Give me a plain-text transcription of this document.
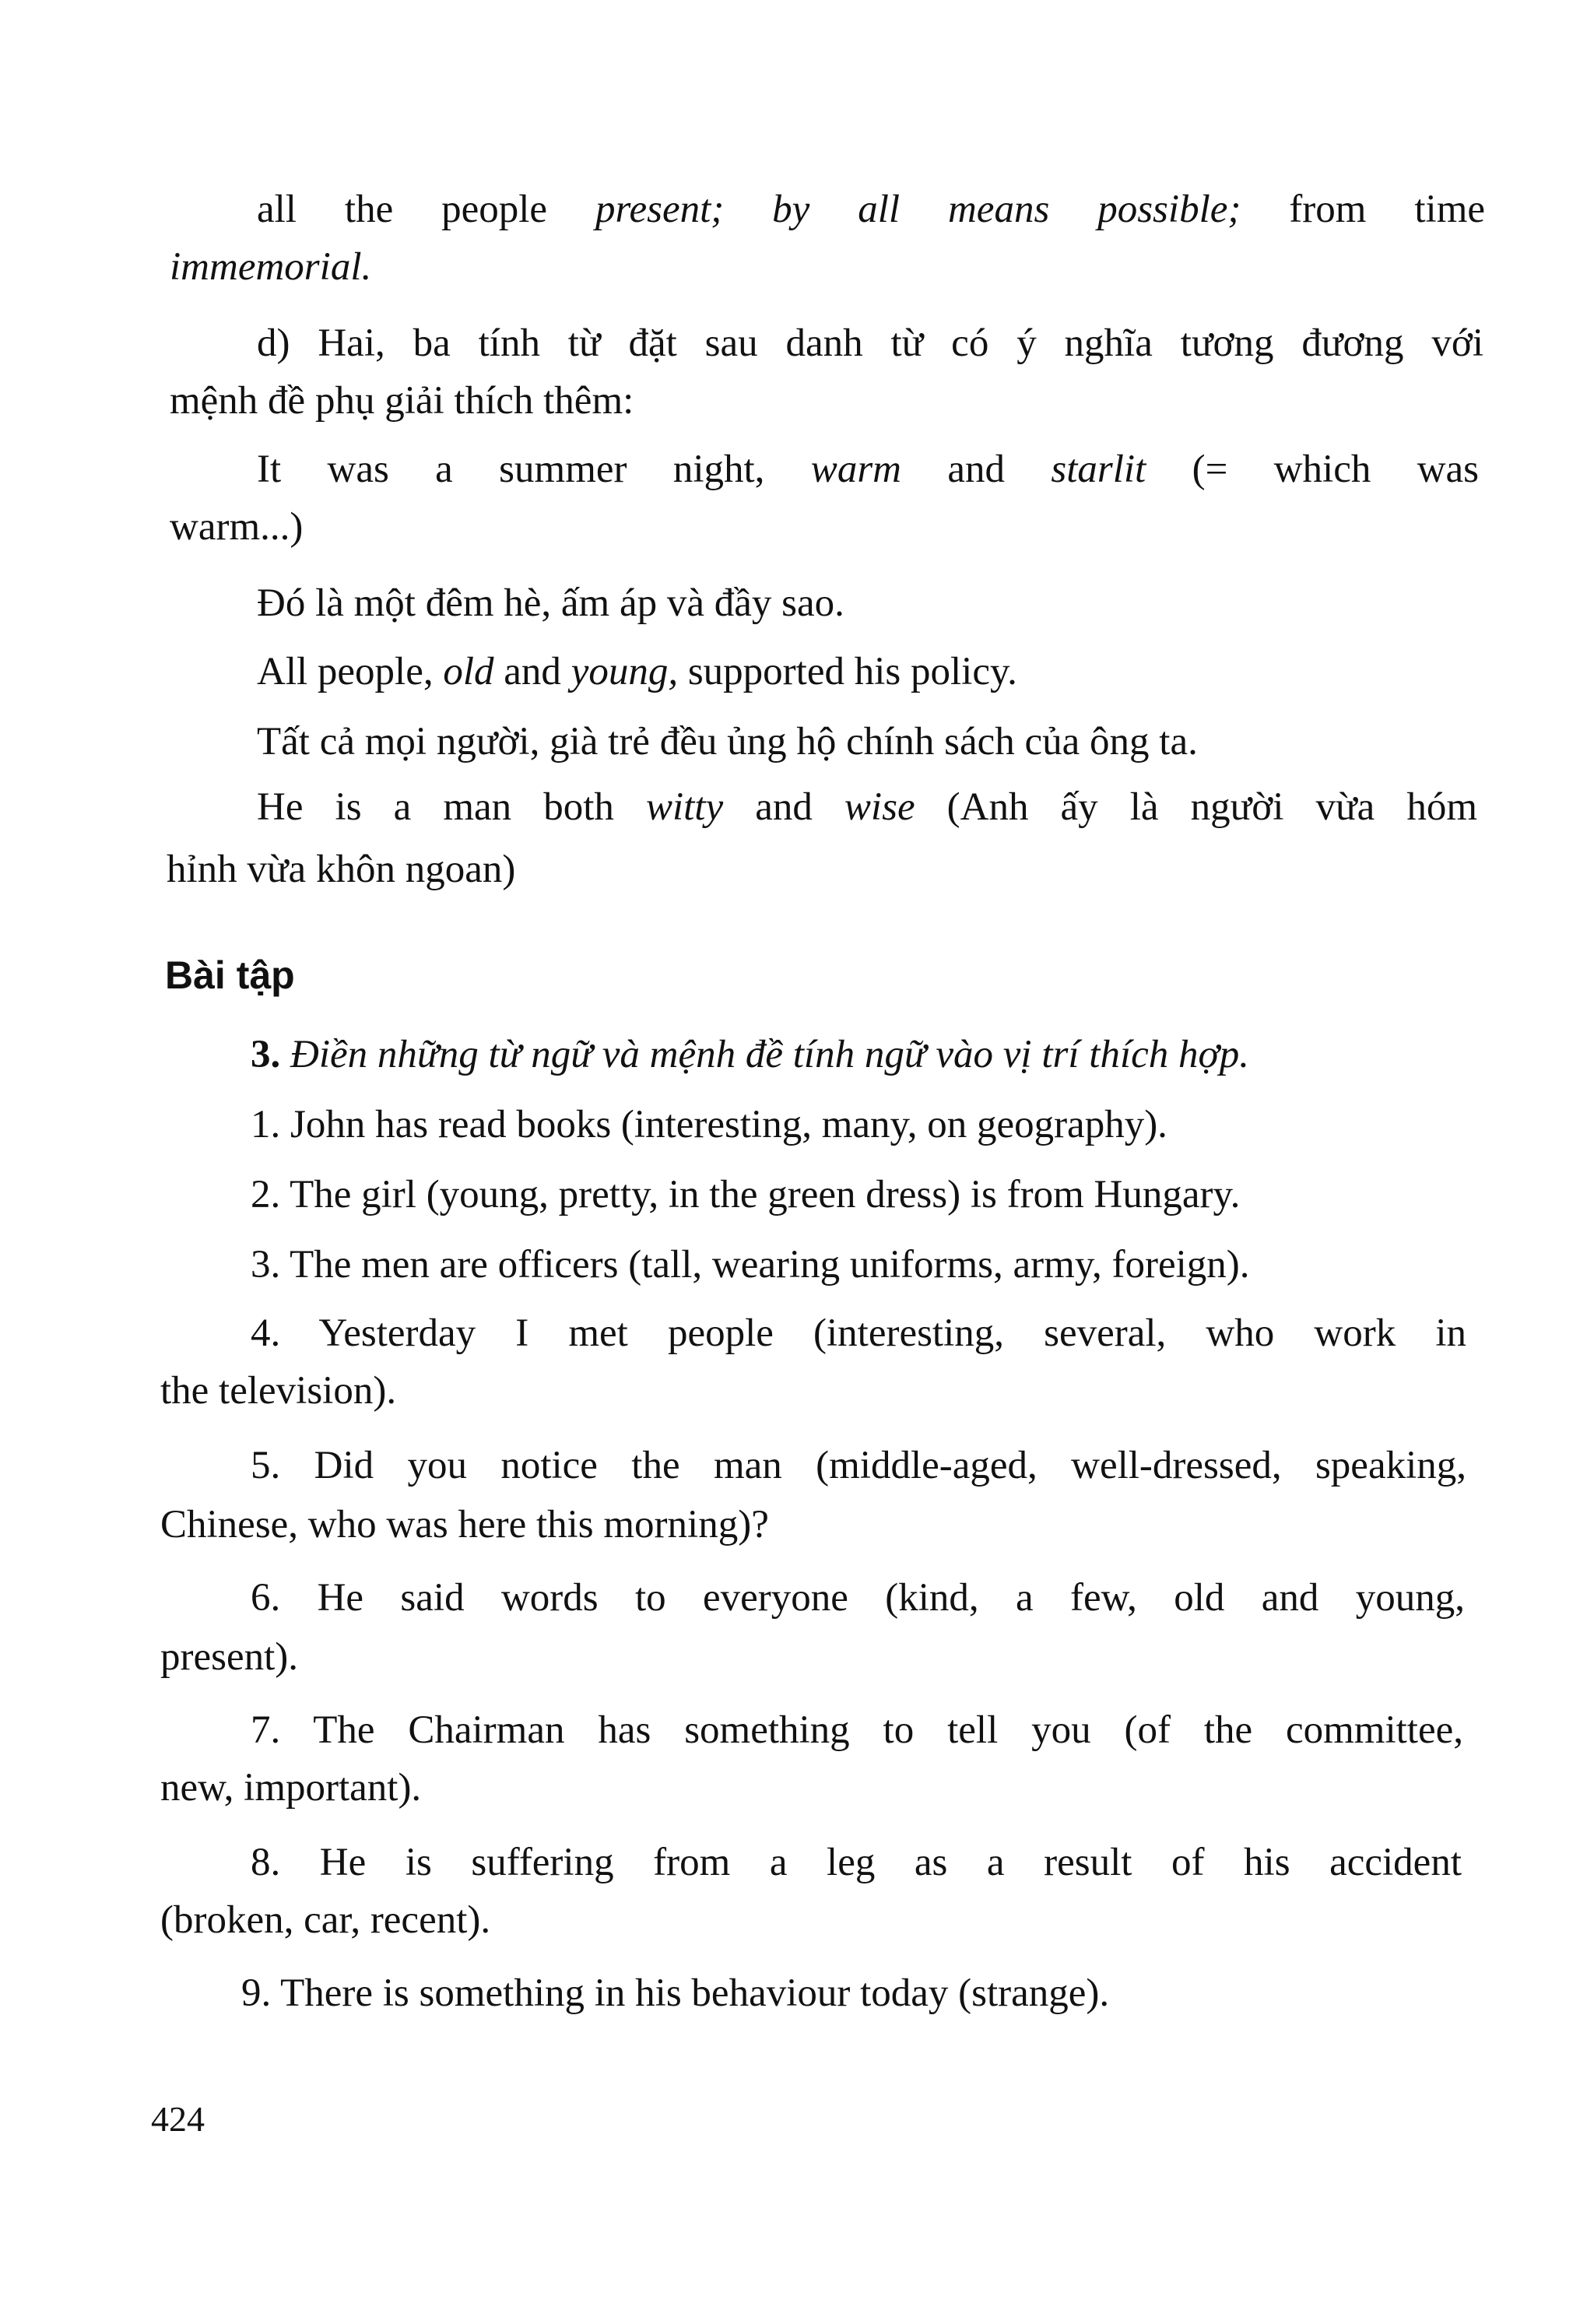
all the people present; by all means possible; from time
immemorial.
d) Hai, ba tính từ đặt sau danh từ có ý nghĩa tương đương với
mệnh đề phụ giải thích thêm:
It was a summer night, warm and starlit (= which was
warm...)
Đó là một đêm hè, ấm áp và đầy sao.
All people, old and young, supported his policy.
Tất cả mọi người, già trẻ đều ủng hộ chính sách của ông ta.
He is a man both witty and wise (Anh ấy là người vừa hóm
hỉnh vừa khôn ngoan)
Bài tập
3. Điền những từ ngữ và mệnh đề tính ngữ vào vị trí thích hợp.
1. John has read books (interesting, many, on geography).
2. The girl (young, pretty, in the green dress) is from Hungary.
3. The men are officers (tall, wearing uniforms, army, foreign).
4. Yesterday I met people (interesting, several, who work in
the television).
5. Did you notice the man (middle-aged, well-dressed, speaking,
Chinese, who was here this morning)?
6. He said words to everyone (kind, a few, old and young,
present).
7. The Chairman has something to tell you (of the committee,
new, important).
8. He is suffering from a leg as a result of his accident
(broken, car, recent).
9. There is something in his behaviour today (strange).
424
